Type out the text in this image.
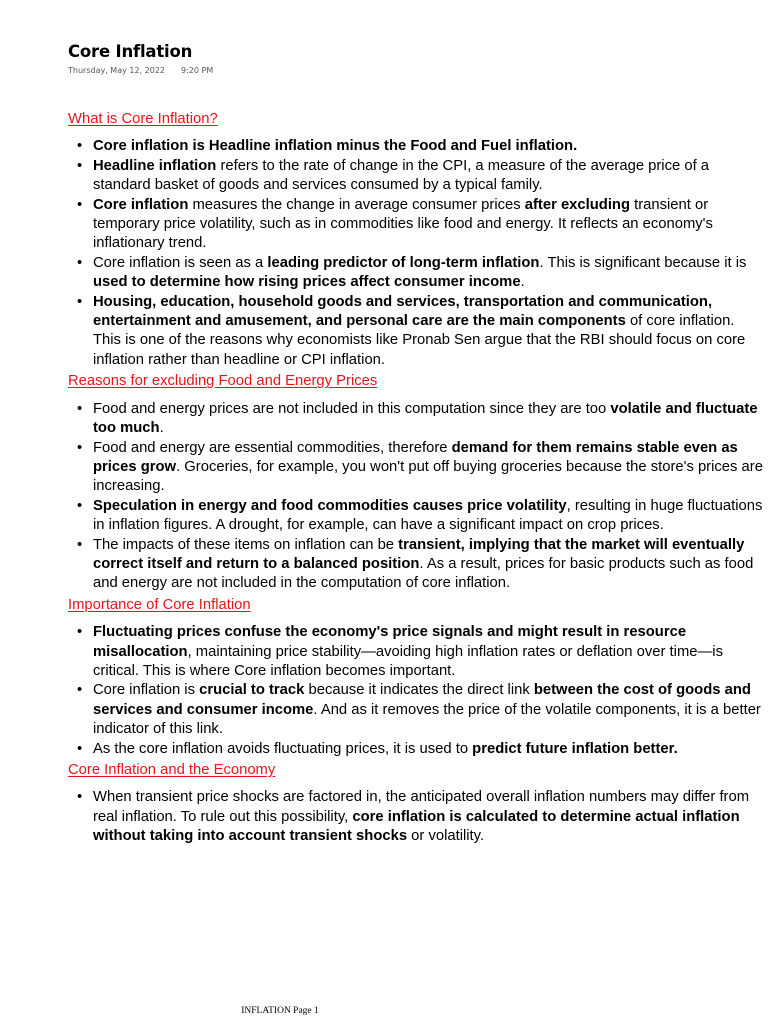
Core Inflation
Thursday, May 12, 2022 9:20 PM
What is Core Inflation?
• Core inflation is Headline inflation minus the Food and Fuel inflation.
• Headline inflation refers to the rate of change in the CPI, a measure of the average price of a standard basket of goods and services consumed by a typical family.
• Core inflation measures the change in average consumer prices after excluding transient or temporary price volatility, such as in commodities like food and energy. It reflects an economy's inflationary trend.
• Core inflation is seen as a leading predictor of long-term inflation. This is significant because it is used to determine how rising prices affect consumer income.
• Housing, education, household goods and services, transportation and communication, entertainment and amusement, and personal care are the main components of core inflation. This is one of the reasons why economists like Pronab Sen argue that the RBI should focus on core inflation rather than headline or CPI inflation.
Reasons for excluding Food and Energy Prices
• Food and energy prices are not included in this computation since they are too volatile and fluctuate too much.
• Food and energy are essential commodities, therefore demand for them remains stable even as prices grow. Groceries, for example, you won't put off buying groceries because the store's prices are increasing.
• Speculation in energy and food commodities causes price volatility, resulting in huge fluctuations in inflation figures. A drought, for example, can have a significant impact on crop prices.
• The impacts of these items on inflation can be transient, implying that the market will eventually correct itself and return to a balanced position. As a result, prices for basic products such as food and energy are not included in the computation of core inflation.
Importance of Core Inflation
• Fluctuating prices confuse the economy's price signals and might result in resource misallocation, maintaining price stability—avoiding high inflation rates or deflation over time—is critical. This is where Core inflation becomes important.
• Core inflation is crucial to track because it indicates the direct link between the cost of goods and services and consumer income. And as it removes the price of the volatile components, it is a better indicator of this link.
• As the core inflation avoids fluctuating prices, it is used to predict future inflation better.
Core Inflation and the Economy
• When transient price shocks are factored in, the anticipated overall inflation numbers may differ from real inflation. To rule out this possibility, core inflation is calculated to determine actual inflation without taking into account transient shocks or volatility.
INFLATION Page 1
